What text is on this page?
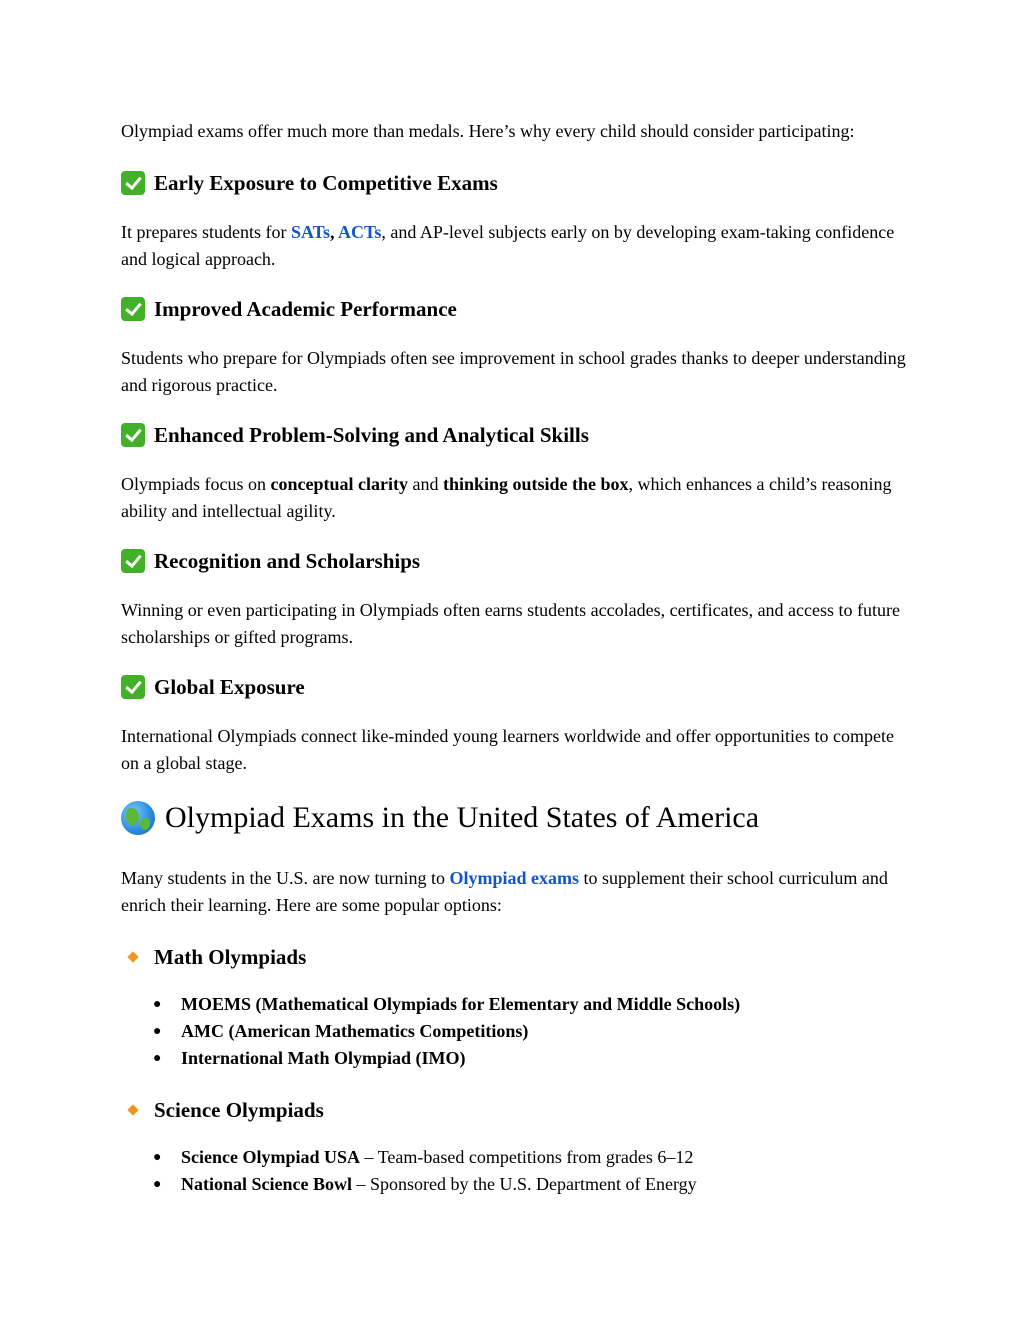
Olympiad exams offer much more than medals. Here’s why every child should consider participating:

Early Exposure to Competitive Exams

It prepares students for SATs, ACTs, and AP-level subjects early on by developing exam-taking confidence and logical approach.

Improved Academic Performance

Students who prepare for Olympiads often see improvement in school grades thanks to deeper understanding and rigorous practice.

Enhanced Problem-Solving and Analytical Skills

Olympiads focus on conceptual clarity and thinking outside the box, which enhances a child’s reasoning ability and intellectual agility.

Recognition and Scholarships

Winning or even participating in Olympiads often earns students accolades, certificates, and access to future scholarships or gifted programs.

Global Exposure

International Olympiads connect like-minded young learners worldwide and offer opportunities to compete on a global stage.

Olympiad Exams in the United States of America

Many students in the U.S. are now turning to Olympiad exams to supplement their school curriculum and enrich their learning. Here are some popular options:

Math Olympiads
●	MOEMS (Mathematical Olympiads for Elementary and Middle Schools)
●	AMC (American Mathematics Competitions)
●	International Math Olympiad (IMO)
Science Olympiads
●	Science Olympiad USA – Team-based competitions from grades 6–12
●	National Science Bowl – Sponsored by the U.S. Department of Energy
